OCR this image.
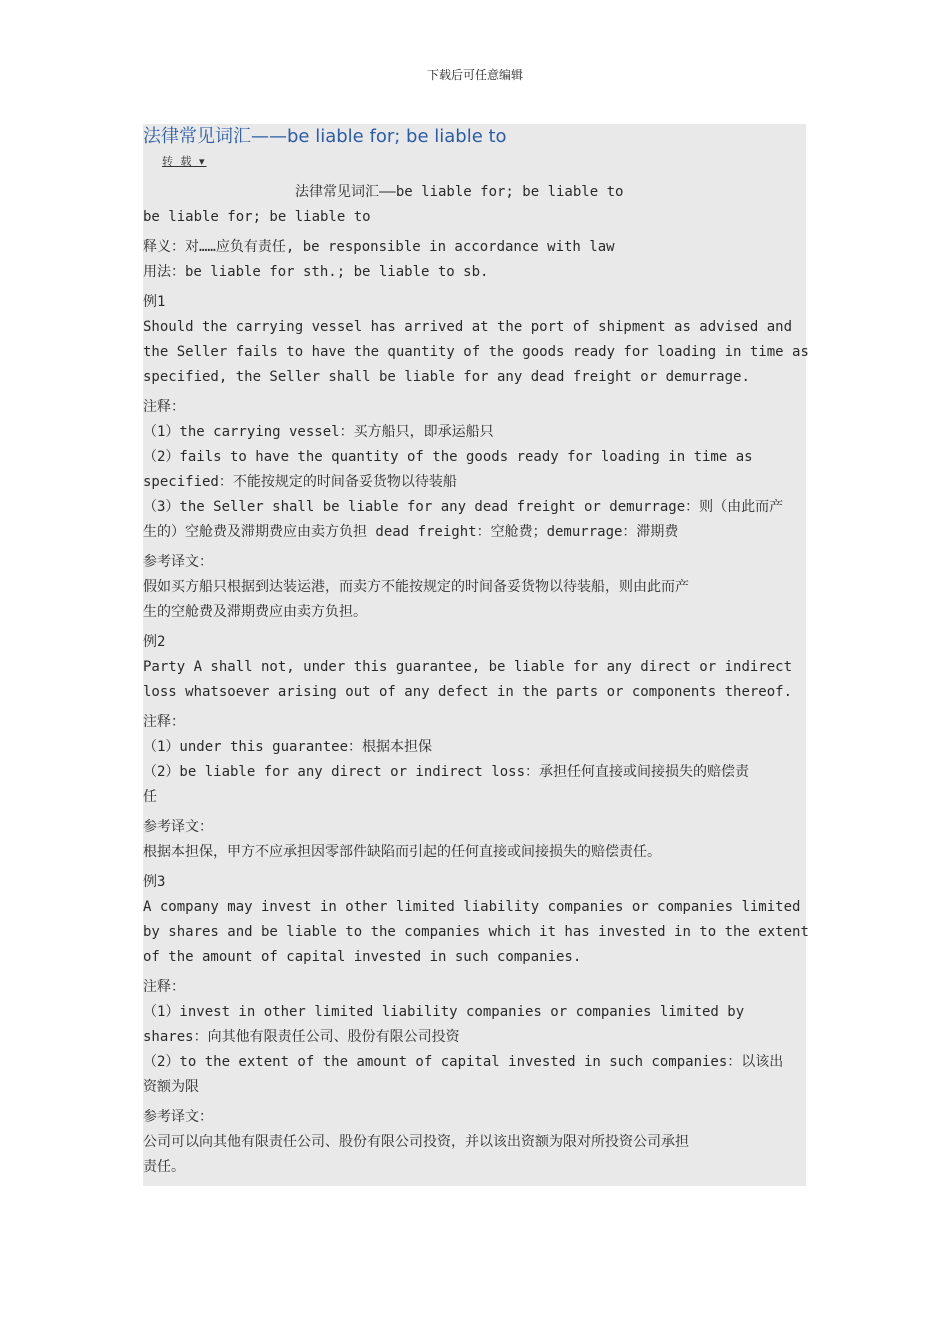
下载后可任意编辑
法律常见词汇——be liable for; be liable to
转 载 ▾
法律常见词汇——be liable for; be liable to
be liable for; be liable to
释义：对……应负有责任, be responsible in accordance with law
用法：be liable for sth.; be liable to sb.
例1
Should the carrying vessel has arrived at the port of shipment as advised and
the Seller fails to have the quantity of the goods ready for loading in time as
specified, the Seller shall be liable for any dead freight or demurrage.
注释：
（1）the carrying vessel：买方船只，即承运船只
（2）fails to have the quantity of the goods ready for loading in time as
specified：不能按规定的时间备妥货物以待装船
（3）the Seller shall be liable for any dead freight or demurrage：则（由此而产
生的）空舱费及滞期费应由卖方负担 dead freight：空舱费；demurrage：滞期费
参考译文：
假如买方船只根据到达装运港，而卖方不能按规定的时间备妥货物以待装船，则由此而产
生的空舱费及滞期费应由卖方负担。
例2
Party A shall not, under this guarantee, be liable for any direct or indirect
loss whatsoever arising out of any defect in the parts or components thereof.
注释：
（1）under this guarantee：根据本担保
（2）be liable for any direct or indirect loss：承担任何直接或间接损失的赔偿责
任
参考译文：
根据本担保，甲方不应承担因零部件缺陷而引起的任何直接或间接损失的赔偿责任。
例3
A company may invest in other limited liability companies or companies limited
by shares and be liable to the companies which it has invested in to the extent
of the amount of capital invested in such companies.
注释：
（1）invest in other limited liability companies or companies limited by
shares：向其他有限责任公司、股份有限公司投资
（2）to the extent of the amount of capital invested in such companies：以该出
资额为限
参考译文：
公司可以向其他有限责任公司、股份有限公司投资，并以该出资额为限对所投资公司承担
责任。
